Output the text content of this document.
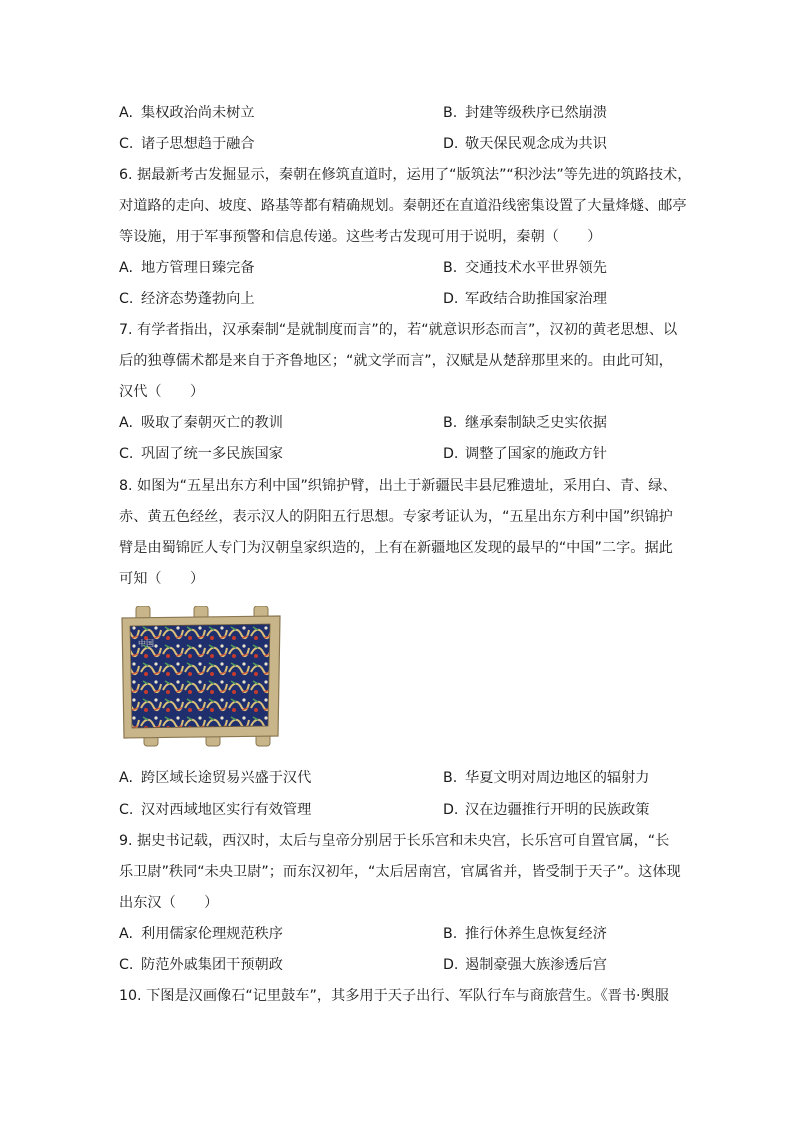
A. 集权政治尚未树立	B. 封建等级秩序已然崩溃
C. 诸子思想趋于融合	D. 敬天保民观念成为共识
6. 据最新考古发掘显示，秦朝在修筑直道时，运用了“版筑法”“积沙法”等先进的筑路技术，
对道路的走向、坡度、路基等都有精确规划。秦朝还在直道沿线密集设置了大量烽燧、邮亭
等设施，用于军事预警和信息传递。这些考古发现可用于说明，秦朝（　　）
A. 地方管理日臻完备	B. 交通技术水平世界领先
C. 经济态势蓬勃向上	D. 军政结合助推国家治理
7. 有学者指出，汉承秦制“是就制度而言”的，若“就意识形态而言”，汉初的黄老思想、以
后的独尊儒术都是来自于齐鲁地区；“就文学而言”，汉赋是从楚辞那里来的。由此可知，
汉代（　　）
A. 吸取了秦朝灭亡的教训	B. 继承秦制缺乏史实依据
C. 巩固了统一多民族国家	D. 调整了国家的施政方针
8. 如图为“五星出东方利中国”织锦护臂，出土于新疆民丰县尼雅遗址，采用白、青、绿、
赤、黄五色经丝，表示汉人的阴阳五行思想。专家考证认为，“五星出东方利中国”织锦护
臂是由蜀锦匠人专门为汉朝皇家织造的，上有在新疆地区发现的最早的“中国”二字。据此
可知（　　）
中国
A. 跨区域长途贸易兴盛于汉代	B. 华夏文明对周边地区的辐射力
C. 汉对西域地区实行有效管理	D. 汉在边疆推行开明的民族政策
9. 据史书记载，西汉时，太后与皇帝分别居于长乐宫和未央宫，长乐宫可自置官属，“长
乐卫尉”秩同“未央卫尉”；而东汉初年，“太后居南宫，官属省并，皆受制于天子”。这体现
出东汉（　　）
A. 利用儒家伦理规范秩序	B. 推行休养生息恢复经济
C. 防范外戚集团干预朝政	D. 遏制豪强大族渗透后宫
10. 下图是汉画像石“记里鼓车”，其多用于天子出行、军队行车与商旅营生。《晋书·舆服
